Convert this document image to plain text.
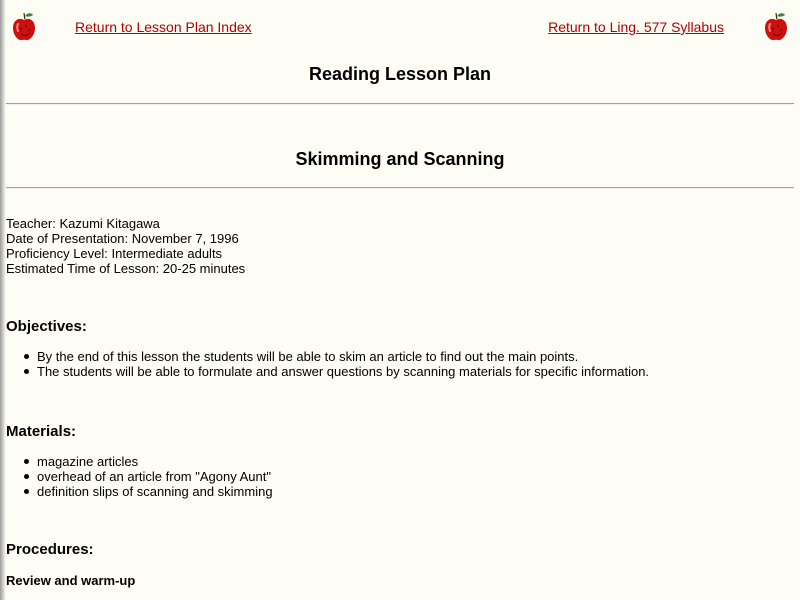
Return to Lesson Plan Index	Return to Ling. 577 Syllabus
Reading Lesson Plan
Skimming and Scanning
Teacher: Kazumi Kitagawa
Date of Presentation: November 7, 1996
Proficiency Level: Intermediate adults
Estimated Time of Lesson: 20-25 minutes
Objectives:
By the end of this lesson the students will be able to skim an article to find out the main points.
The students will be able to formulate and answer questions by scanning materials for specific information.
Materials:
magazine articles
overhead of an article from "Agony Aunt"
definition slips of scanning and skimming
Procedures:
Review and warm-up
